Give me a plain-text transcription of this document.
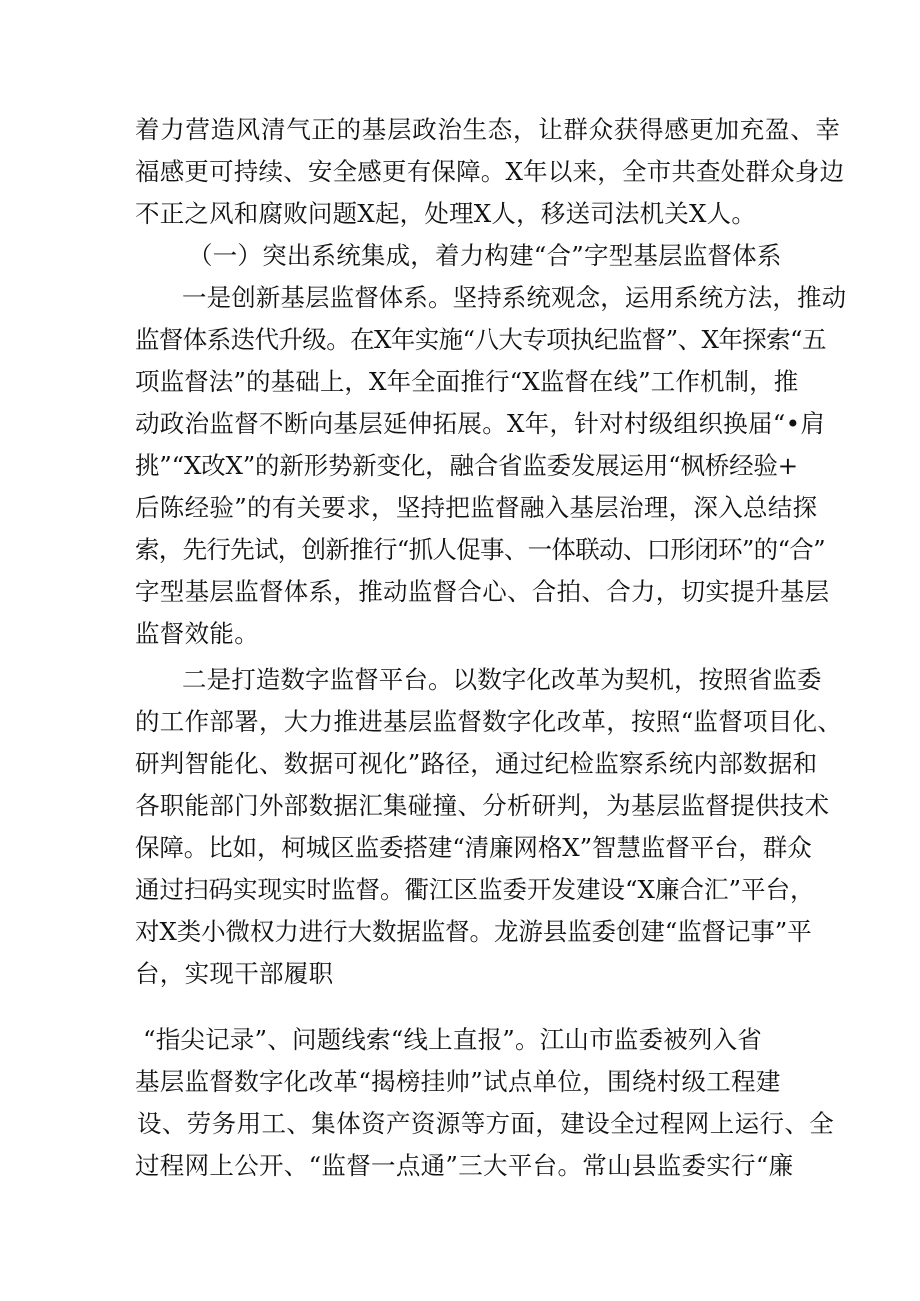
着力营造风清气正的基层政治生态，让群众获得感更加充盈、幸
福感更可持续、安全感更有保障。X年以来，全市共查处群众身边
不正之风和腐败问题X起，处理X人，移送司法机关X人。
（一）突出系统集成，着力构建“合”字型基层监督体系
一是创新基层监督体系。坚持系统观念，运用系统方法，推动
监督体系迭代升级。在X年实施“八大专项执纪监督”、X年探索“五
项监督法”的基础上，X年全面推行“X监督在线”工作机制，推
动政治监督不断向基层延伸拓展。X年，针对村级组织换届“•肩
挑”“X改X”的新形势新变化，融合省监委发展运用“枫桥经验+
后陈经验”的有关要求，坚持把监督融入基层治理，深入总结探
索，先行先试，创新推行“抓人促事、一体联动、口形闭环”的“合”
字型基层监督体系，推动监督合心、合拍、合力，切实提升基层
监督效能。
二是打造数字监督平台。以数字化改革为契机，按照省监委
的工作部署，大力推进基层监督数字化改革，按照“监督项目化、
研判智能化、数据可视化”路径，通过纪检监察系统内部数据和
各职能部门外部数据汇集碰撞、分析研判，为基层监督提供技术
保障。比如，柯城区监委搭建“清廉网格X”智慧监督平台，群众
通过扫码实现实时监督。衢江区监委开发建设“X廉合汇”平台，
对X类小微权力进行大数据监督。龙游县监委创建“监督记事”平
台，实现干部履职
“指尖记录”、问题线索“线上直报”。江山市监委被列入省
基层监督数字化改革“揭榜挂帅”试点单位，围绕村级工程建
设、劳务用工、集体资产资源等方面，建设全过程网上运行、全
过程网上公开、“监督一点通”三大平台。常山县监委实行“廉
